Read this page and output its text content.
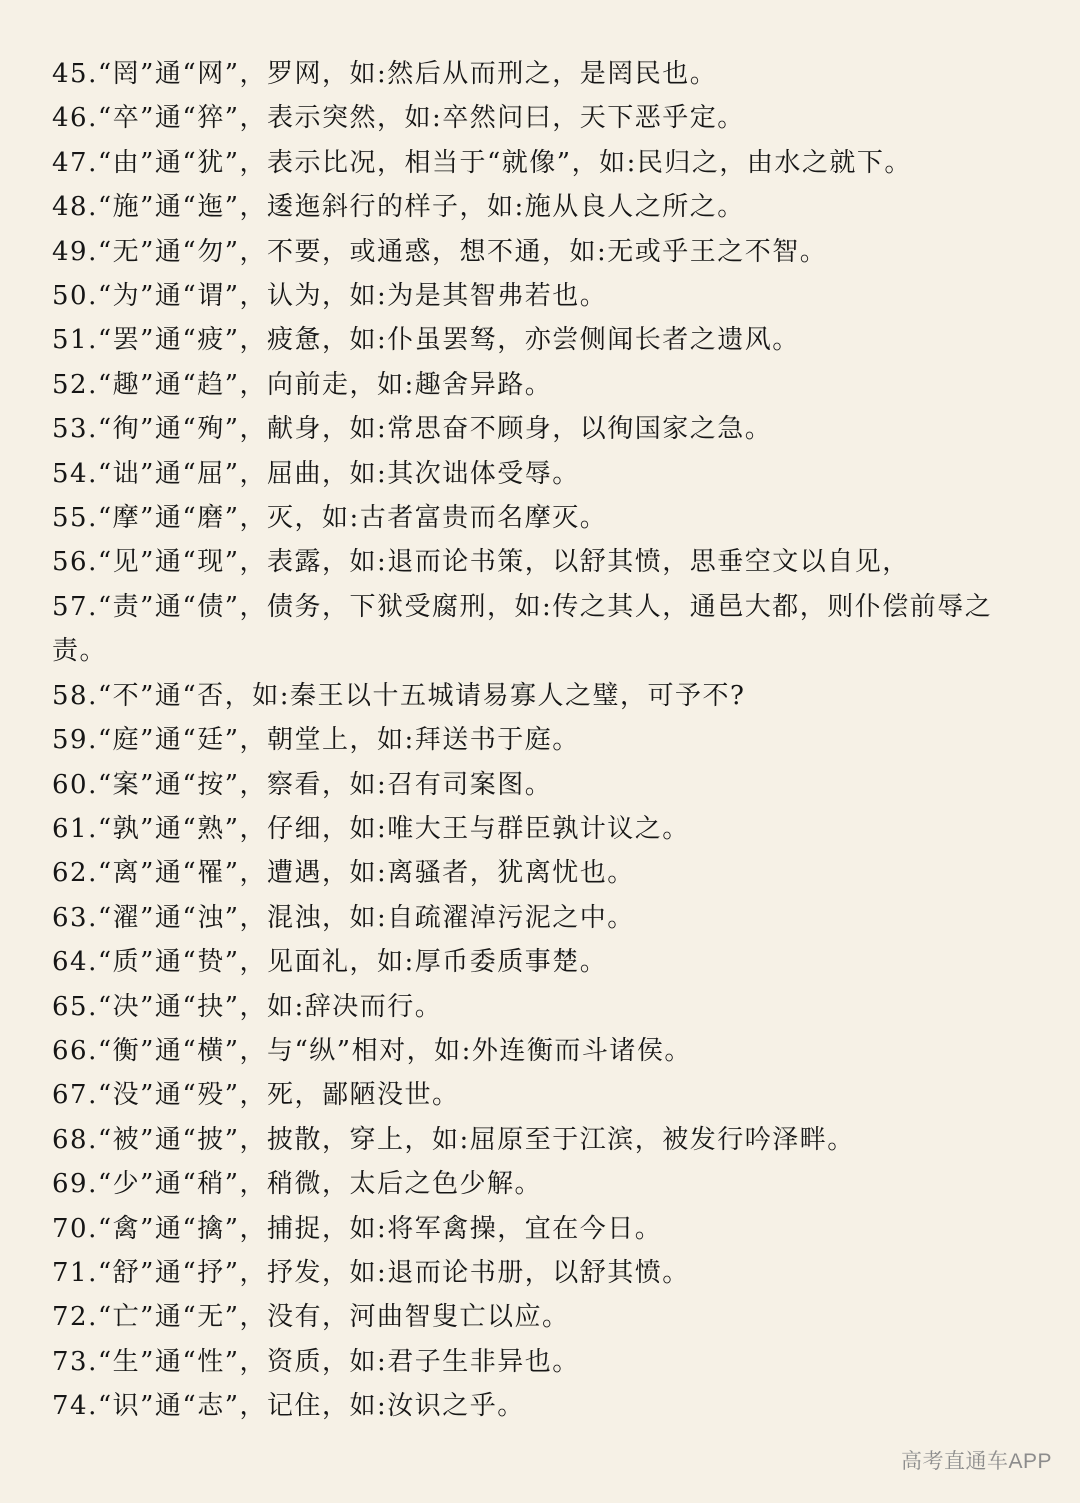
45.“罔”通“网”，罗网，如:然后从而刑之，是罔民也。
46.“卒”通“猝”，表示突然，如:卒然问曰，天下恶乎定。
47.“由”通“犹”，表示比况，相当于“就像”，如:民归之，由水之就下。
48.“施”通“迤”，逶迤斜行的样子，如:施从良人之所之。
49.“无”通“勿”，不要，或通惑，想不通，如:无或乎王之不智。
50.“为”通“谓”，认为，如:为是其智弗若也。
51.“罢”通“疲”，疲惫，如:仆虽罢驽，亦尝侧闻长者之遗风。
52.“趣”通“趋”，向前走，如:趣舍异路。
53.“徇”通“殉”，献身，如:常思奋不顾身，以徇国家之急。
54.“诎”通“屈”，屈曲，如:其次诎体受辱。
55.“摩”通“磨”，灭，如:古者富贵而名摩灭。
56.“见”通“现”，表露，如:退而论书策，以舒其愤，思垂空文以自见，
57.“责”通“债”，债务，下狱受腐刑，如:传之其人，通邑大都，则仆偿前辱之责。
58.“不”通“否，如:秦王以十五城请易寡人之璧，可予不?
59.“庭”通“廷”，朝堂上，如:拜送书于庭。
60.“案”通“按”，察看，如:召有司案图。
61.“孰”通“熟”，仔细，如:唯大王与群臣孰计议之。
62.“离”通“罹”，遭遇，如:离骚者，犹离忧也。
63.“濯”通“浊”，混浊，如:自疏濯淖污泥之中。
64.“质”通“贽”，见面礼，如:厚币委质事楚。
65.“决”通“抉”，如:辞决而行。
66.“衡”通“横”，与“纵”相对，如:外连衡而斗诸侯。
67.“没”通“殁”，死，鄙陋没世。
68.“被”通“披”，披散，穿上，如:屈原至于江滨，被发行吟泽畔。
69.“少”通“稍”，稍微，太后之色少解。
70.“禽”通“擒”，捕捉，如:将军禽操，宜在今日。
71.“舒”通“抒”，抒发，如:退而论书册，以舒其愤。
72.“亡”通“无”，没有，河曲智叟亡以应。
73.“生”通“性”，资质，如:君子生非异也。
74.“识”通“志”，记住，如:汝识之乎。
高考直通车APP
